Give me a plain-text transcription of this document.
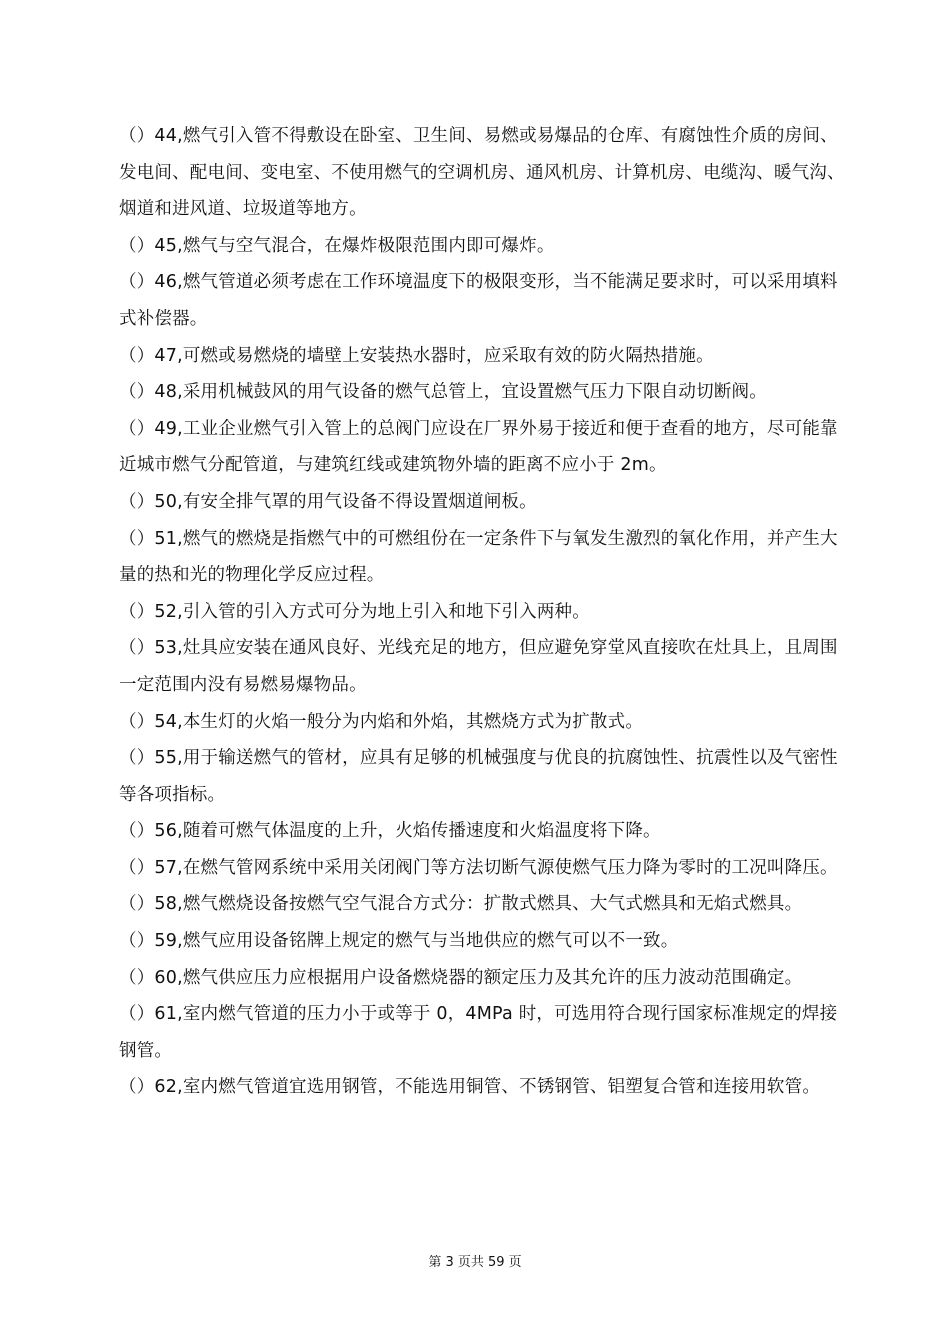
（）44,燃气引入管不得敷设在卧室、卫生间、易燃或易爆品的仓库、有腐蚀性介质的房间、发电间、配电间、变电室、不使用燃气的空调机房、通风机房、计算机房、电缆沟、暖气沟、烟道和进风道、垃圾道等地方。

（）45,燃气与空气混合，在爆炸极限范围内即可爆炸。

（）46,燃气管道必须考虑在工作环境温度下的极限变形，当不能满足要求时，可以采用填料式补偿器。

（）47,可燃或易燃烧的墙壁上安装热水器时，应采取有效的防火隔热措施。

（）48,采用机械鼓风的用气设备的燃气总管上，宜设置燃气压力下限自动切断阀。

（）49,工业企业燃气引入管上的总阀门应设在厂界外易于接近和便于查看的地方，尽可能靠近城市燃气分配管道，与建筑红线或建筑物外墙的距离不应小于 2m。

（）50,有安全排气罩的用气设备不得设置烟道闸板。

（）51,燃气的燃烧是指燃气中的可燃组份在一定条件下与氧发生激烈的氧化作用，并产生大量的热和光的物理化学反应过程。

（）52,引入管的引入方式可分为地上引入和地下引入两种。

（）53,灶具应安装在通风良好、光线充足的地方，但应避免穿堂风直接吹在灶具上，且周围一定范围内没有易燃易爆物品。

（）54,本生灯的火焰一般分为内焰和外焰，其燃烧方式为扩散式。

（）55,用于输送燃气的管材，应具有足够的机械强度与优良的抗腐蚀性、抗震性以及气密性等各项指标。

（）56,随着可燃气体温度的上升，火焰传播速度和火焰温度将下降。

（）57,在燃气管网系统中采用关闭阀门等方法切断气源使燃气压力降为零时的工况叫降压。

（）58,燃气燃烧设备按燃气空气混合方式分：扩散式燃具、大气式燃具和无焰式燃具。

（）59,燃气应用设备铭牌上规定的燃气与当地供应的燃气可以不一致。

（）60,燃气供应压力应根据用户设备燃烧器的额定压力及其允许的压力波动范围确定。

（）61,室内燃气管道的压力小于或等于 0，4MPa 时，可选用符合现行国家标准规定的焊接钢管。

（）62,室内燃气管道宜选用钢管，不能选用铜管、不锈钢管、铝塑复合管和连接用软管。

第 3 页共 59 页
